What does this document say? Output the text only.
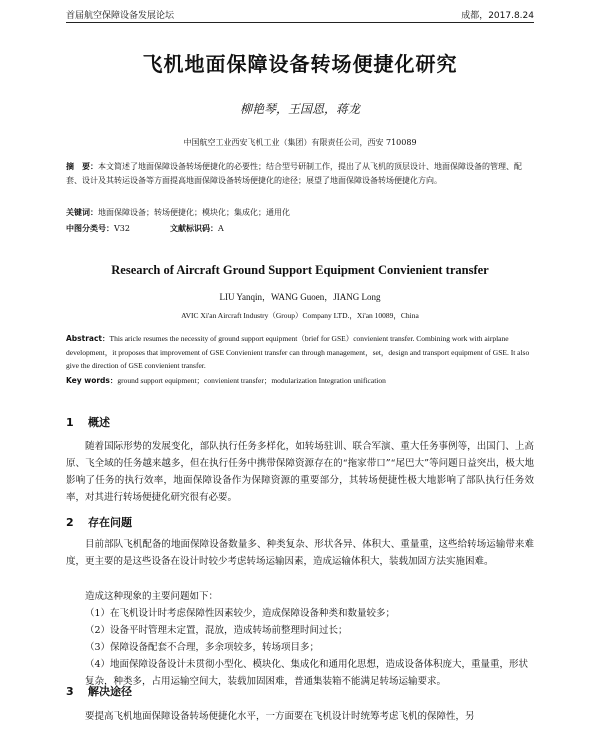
首届航空保障设备发展论坛	成都，2017.8.24
飞机地面保障设备转场便捷化研究
柳艳琴，王国恩，蒋龙
中国航空工业西安飞机工业（集团）有限责任公司，西安 710089
摘　要：本文简述了地面保障设备转场便捷化的必要性；结合型号研制工作，提出了从飞机的顶层设计、地面保障设备的管理、配套、设计及其转运设备等方面提高地面保障设备转场便捷化的途径；展望了地面保障设备转场便捷化方向。
关键词：地面保障设备；转场便捷化；模块化；集成化；通用化
中图分类号：V32	文献标识码：A
Research of Aircraft Ground Support Equipment Convienient transfer
LIU Yanqin，WANG Guoen，JIANG Long
AVIC Xi'an Aircraft Industry（Group）Company LTD.，Xi'an 10089，China
Abstract：This aricle resumes the necessity of ground support equipment（brief for GSE）convienient transfer. Combining work with airplane development，it proposes that improvement of GSE Convienient transfer can through management，set，design and transport equipment of GSE. It also give the direction of GSE convienient transfer.
Key words：ground support equipment；convienient transfer；modularization Integration unification
1 概述
随着国际形势的发展变化，部队执行任务多样化，如转场驻训、联合军演、重大任务事例等，出国门、上高原、飞全域的任务越来越多，但在执行任务中携带保障资源存在的“拖家带口”“尾巴大”等问题日益突出，极大地影响了任务的执行效率，地面保障设备作为保障资源的重要部分，其转场便捷性极大地影响了部队执行任务效率，对其进行转场便捷化研究很有必要。
2 存在问题
目前部队飞机配备的地面保障设备数量多、种类复杂、形状各异、体积大、重量重，这些给转场运输带来难度，更主要的是这些设备在设计时较少考虑转场运输因素，造成运输体积大，装载加固方法实施困难。
造成这种现象的主要问题如下：
（1）在飞机设计时考虑保障性因素较少，造成保障设备种类和数量较多；
（2）设备平时管理未定置，混放，造成转场前整理时间过长；
（3）保障设备配套不合理，多余项较多，转场项目多；
（4）地面保障设备设计未贯彻小型化、模块化、集成化和通用化思想，造成设备体积庞大，重量重，形状复杂，种类多，占用运输空间大，装载加固困难，普通集装箱不能满足转场运输要求。
3 解决途径
要提高飞机地面保障设备转场便捷化水平，一方面要在飞机设计时统筹考虑飞机的保障性，另
